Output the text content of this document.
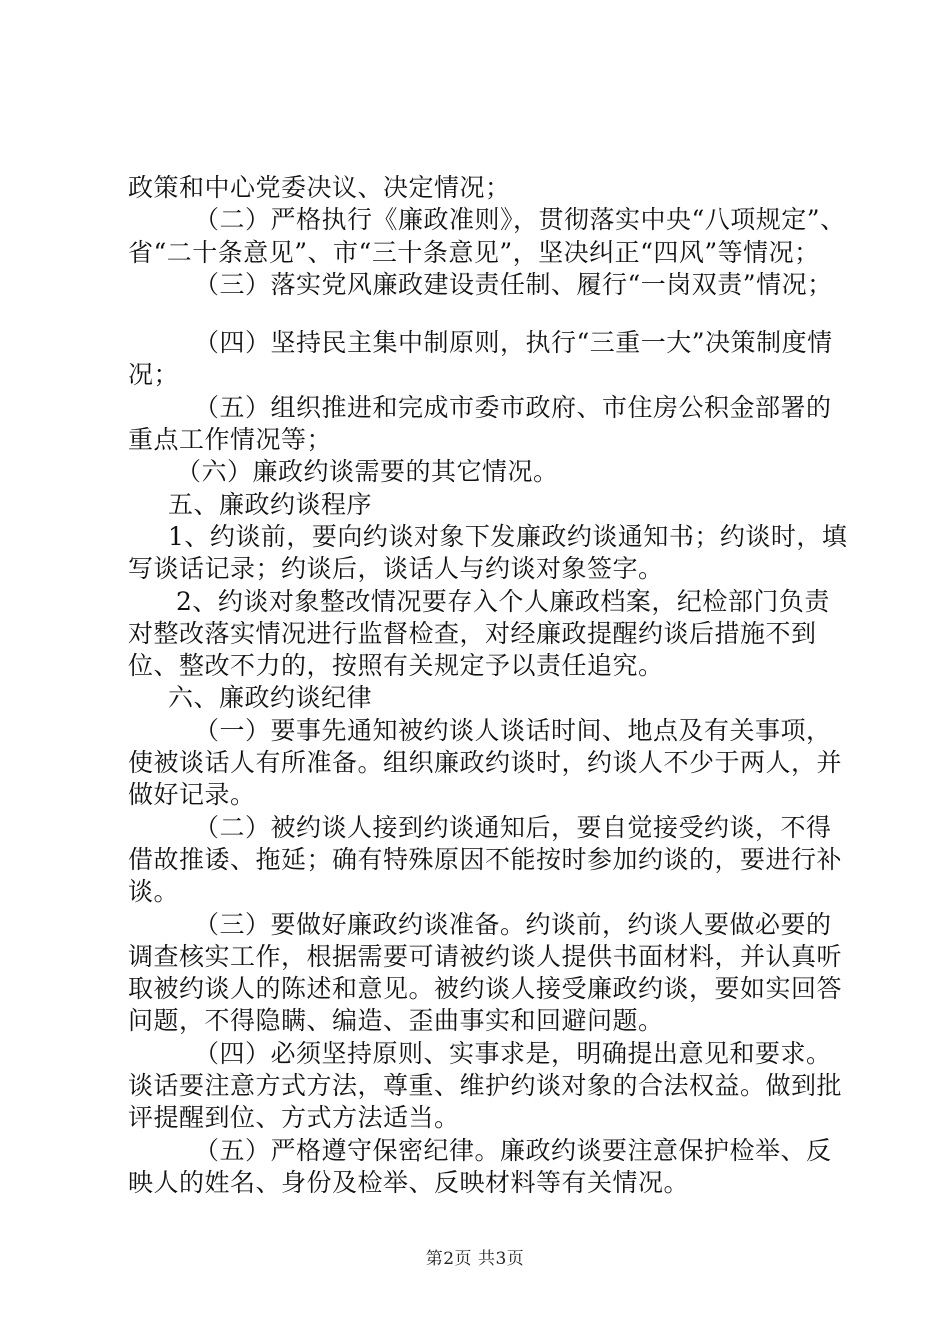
政策和中心党委决议、决定情况；

（二）严格执行《廉政准则》，贯彻落实中央“八项规定”、省“二十条意见”、市“三十条意见”，坚决纠正“四风”等情况；

（三）落实党风廉政建设责任制、履行“一岗双责”情况；

（四）坚持民主集中制原则，执行“三重一大”决策制度情况；

（五）组织推进和完成市委市政府、市住房公积金部署的重点工作情况等；

（六）廉政约谈需要的其它情况。

五、廉政约谈程序

1、约谈前，要向约谈对象下发廉政约谈通知书；约谈时，填写谈话记录；约谈后，谈话人与约谈对象签字。

2、约谈对象整改情况要存入个人廉政档案，纪检部门负责对整改落实情况进行监督检查，对经廉政提醒约谈后措施不到位、整改不力的，按照有关规定予以责任追究。

六、廉政约谈纪律

（一）要事先通知被约谈人谈话时间、地点及有关事项，使被谈话人有所准备。组织廉政约谈时，约谈人不少于两人，并做好记录。

（二）被约谈人接到约谈通知后，要自觉接受约谈，不得借故推诿、拖延；确有特殊原因不能按时参加约谈的，要进行补谈。

（三）要做好廉政约谈准备。约谈前，约谈人要做必要的调查核实工作，根据需要可请被约谈人提供书面材料，并认真听取被约谈人的陈述和意见。被约谈人接受廉政约谈，要如实回答问题，不得隐瞒、编造、歪曲事实和回避问题。

（四）必须坚持原则、实事求是，明确提出意见和要求。谈话要注意方式方法，尊重、维护约谈对象的合法权益。做到批评提醒到位、方式方法适当。

（五）严格遵守保密纪律。廉政约谈要注意保护检举、反映人的姓名、身份及检举、反映材料等有关情况。

第2页 共3页
